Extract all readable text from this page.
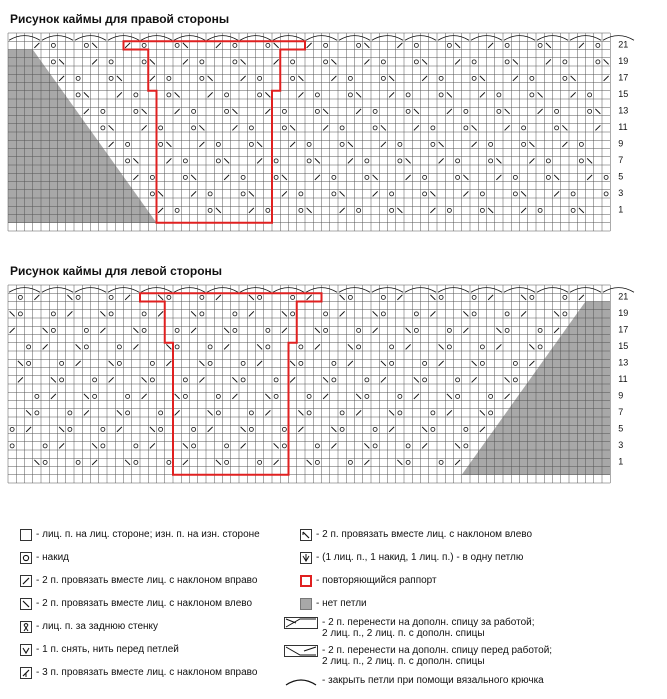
Рисунок каймы для правой стороны
21
19
17
15
13
11
9
7
5
3
1
Рисунок каймы для левой стороны
21
19
17
15
13
11
9
7
5
3
1
- лиц. п. на лиц. стороне; изн. п. на изн. стороне
- накид
- 2 п. провязать вместе лиц. с наклоном вправо
- 2 п. провязать вместе лиц. с наклоном влево
- лиц. п. за заднюю стенку
- 1 п. снять, нить перед петлей
- 3 п. провязать вместе лиц. с наклоном вправо
- 2 п. провязать вместе лиц. с наклоном влево
- (1 лиц. п., 1 накид, 1 лиц. п.) - в одну петлю
- повторяющийся раппорт
- нет петли
- 2 п. перенести на дополн. спицу за работой;
2 лиц. п., 2 лиц. п. с дополн. спицы
- 2 п. перенести на дополн. спицу перед работой;
2 лиц. п., 2 лиц. п. с дополн. спицы
- закрыть петли при помощи вязального крючка
